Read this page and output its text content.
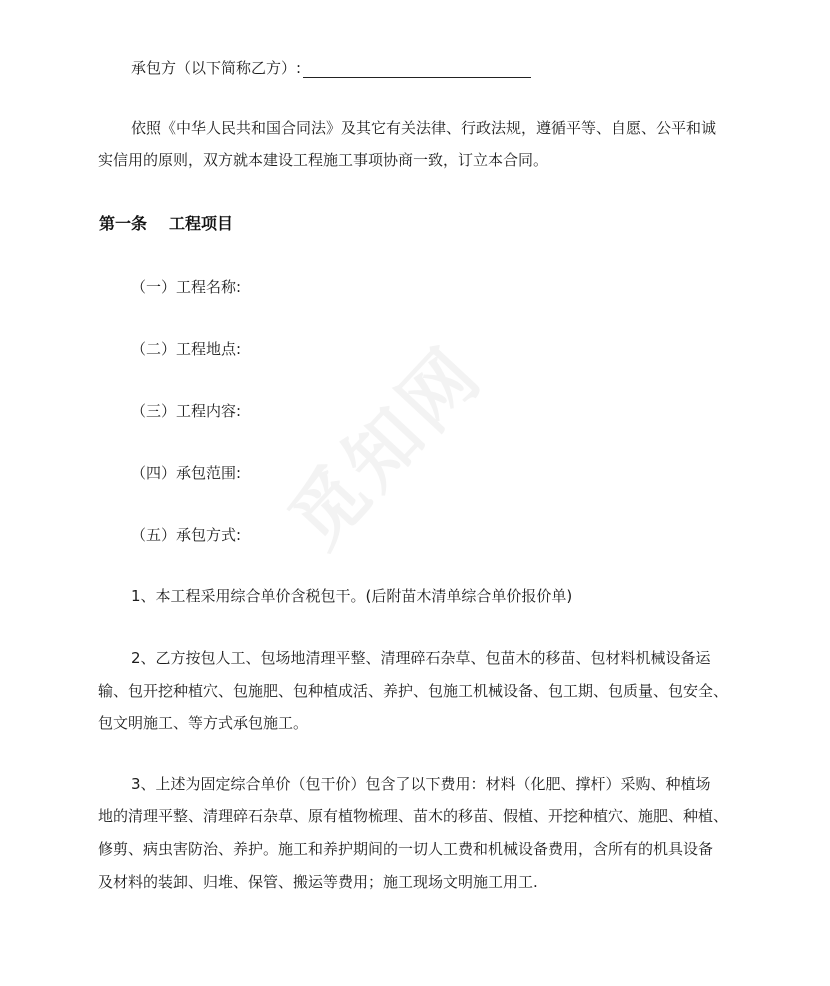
承包方（以下简称乙方）:
依照《中华人民共和国合同法》及其它有关法律、行政法规，遵循平等、自愿、公平和诚
实信用的原则，双方就本建设工程施工事项协商一致，订立本合同。
第一条 工程项目
（一）工程名称:
（二）工程地点:
（三）工程内容:
（四）承包范围:
（五）承包方式:
1、本工程采用综合单价含税包干。(后附苗木清单综合单价报价单)
2、乙方按包人工、包场地清理平整、清理碎石杂草、包苗木的移苗、包材料机械设备运
输、包开挖种植穴、包施肥、包种植成活、养护、包施工机械设备、包工期、包质量、包安全、
包文明施工、等方式承包施工。
3、上述为固定综合单价（包干价）包含了以下费用：材料（化肥、撑杆）采购、种植场
地的清理平整、清理碎石杂草、原有植物梳理、苗木的移苗、假植、开挖种植穴、施肥、种植、
修剪、病虫害防治、养护。施工和养护期间的一切人工费和机械设备费用，含所有的机具设备
及材料的装卸、归堆、保管、搬运等费用；施工现场文明施工用工.
